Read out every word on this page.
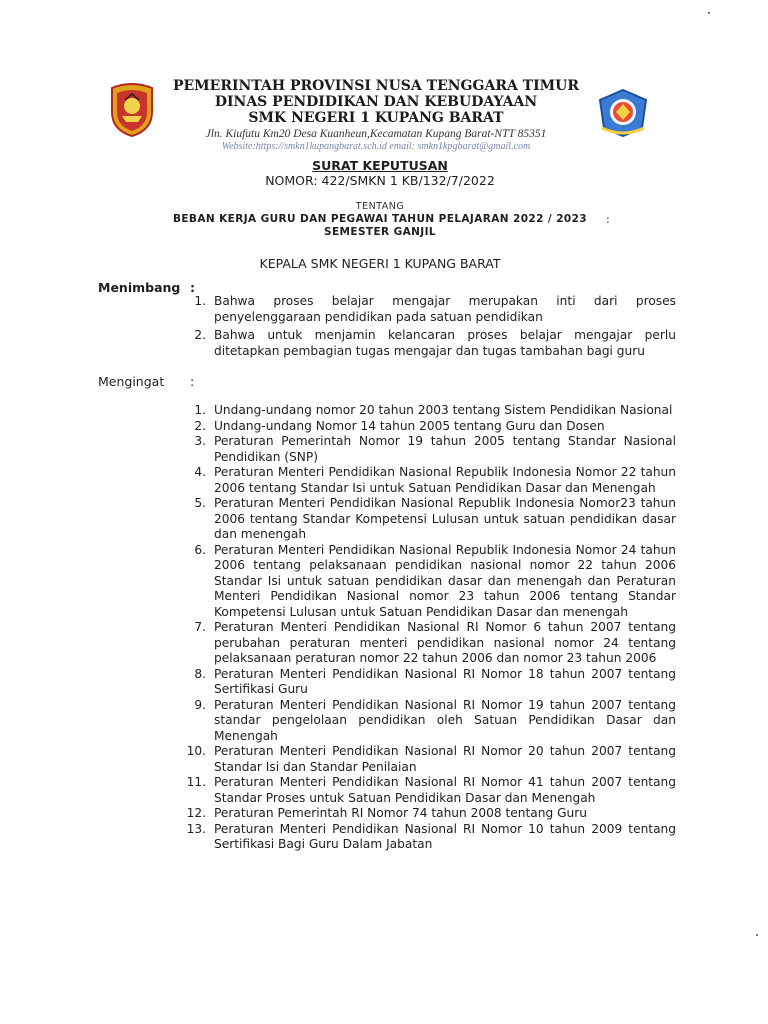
PEMERINTAH PROVINSI NUSA TENGGARA TIMUR
DINAS PENDIDIKAN DAN KEBUDAYAAN
SMK NEGERI 1 KUPANG BARAT
Jln. Kiufutu Km20 Desa Kuanheun,Kecamatan Kupang Barat-NTT 85351
Website:https://smkn1kupangbarat.sch.id email: smkn1kpgbarat@gmail.com
SURAT KEPUTUSAN
NOMOR: 422/SMKN 1 KB/132/7/2022
TENTANG
BEBAN KERJA GURU DAN PEGAWAI TAHUN PELAJARAN 2022 / 2023
SEMESTER GANJIL
:
KEPALA SMK NEGERI 1 KUPANG BARAT
Menimbang :
1. Bahwa proses belajar mengajar merupakan inti dari proses penyelenggaraan pendidikan pada satuan pendidikan
2. Bahwa untuk menjamin kelancaran proses belajar mengajar perlu ditetapkan pembagian tugas mengajar dan tugas tambahan bagi guru
Mengingat :
1. Undang-undang nomor 20 tahun 2003 tentang Sistem Pendidikan Nasional
2. Undang-undang Nomor 14 tahun 2005 tentang Guru dan Dosen
3. Peraturan Pemerintah Nomor 19 tahun 2005 tentang Standar Nasional Pendidikan (SNP)
4. Peraturan Menteri Pendidikan Nasional Republik Indonesia Nomor 22 tahun 2006 tentang Standar Isi untuk Satuan Pendidikan Dasar dan Menengah
5. Peraturan Menteri Pendidikan Nasional Republik Indonesia Nomor23 tahun 2006 tentang Standar Kompetensi Lulusan untuk satuan pendidikan dasar dan menengah
6. Peraturan Menteri Pendidikan Nasional Republik Indonesia Nomor 24 tahun 2006 tentang pelaksanaan pendidikan nasional nomor 22 tahun 2006 Standar Isi untuk satuan pendidikan dasar dan menengah dan Peraturan Menteri Pendidikan Nasional nomor 23 tahun 2006 tentang Standar Kompetensi Lulusan untuk Satuan Pendidikan Dasar dan menengah
7. Peraturan Menteri Pendidikan Nasional RI Nomor 6 tahun 2007 tentang perubahan peraturan menteri pendidikan nasional nomor 24 tentang pelaksanaan peraturan nomor 22 tahun 2006 dan nomor 23 tahun 2006
8. Peraturan Menteri Pendidikan Nasional RI Nomor 18 tahun 2007 tentang Sertifikasi Guru
9. Peraturan Menteri Pendidikan Nasional RI Nomor 19 tahun 2007 tentang standar pengelolaan pendidikan oleh Satuan Pendidikan Dasar dan Menengah
10. Peraturan Menteri Pendidikan Nasional RI Nomor 20 tahun 2007 tentang Standar Isi dan Standar Penilaian
11. Peraturan Menteri Pendidikan Nasional RI Nomor 41 tahun 2007 tentang Standar Proses untuk Satuan Pendidikan Dasar dan Menengah
12. Peraturan Pemerintah RI Nomor 74 tahun 2008 tentang Guru
13. Peraturan Menteri Pendidikan Nasional RI Nomor 10 tahun 2009 tentang Sertifikasi Bagi Guru Dalam Jabatan
